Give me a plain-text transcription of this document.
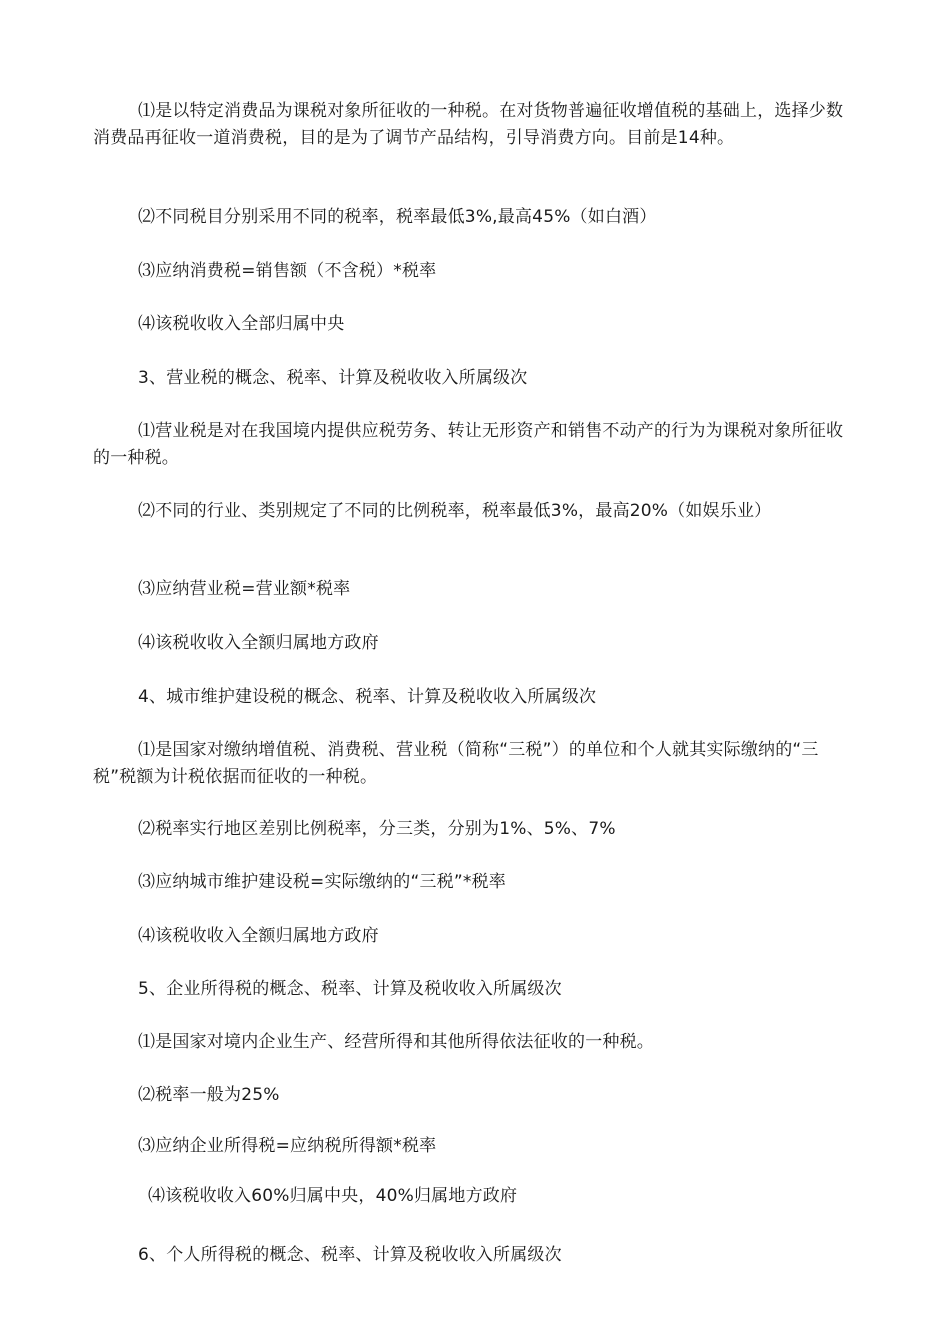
⑴是以特定消费品为课税对象所征收的一种税。在对货物普遍征收增值税的基础上，选择少数消费品再征收一道消费税，目的是为了调节产品结构，引导消费方向。目前是14种。

⑵不同税目分别采用不同的税率，税率最低3%,最高45%（如白酒）

⑶应纳消费税=销售额（不含税）*税率

⑷该税收收入全部归属中央

3、营业税的概念、税率、计算及税收收入所属级次

⑴营业税是对在我国境内提供应税劳务、转让无形资产和销售不动产的行为为课税对象所征收的一种税。

⑵不同的行业、类别规定了不同的比例税率，税率最低3%，最高20%（如娱乐业）

⑶应纳营业税=营业额*税率

⑷该税收收入全额归属地方政府

4、城市维护建设税的概念、税率、计算及税收收入所属级次

⑴是国家对缴纳增值税、消费税、营业税（简称“三税”）的单位和个人就其实际缴纳的“三税”税额为计税依据而征收的一种税。

⑵税率实行地区差别比例税率，分三类，分别为1%、5%、7%

⑶应纳城市维护建设税=实际缴纳的“三税”*税率

⑷该税收收入全额归属地方政府

5、企业所得税的概念、税率、计算及税收收入所属级次

⑴是国家对境内企业生产、经营所得和其他所得依法征收的一种税。

⑵税率一般为25%

⑶应纳企业所得税=应纳税所得额*税率

⑷该税收收入60%归属中央，40%归属地方政府

6、个人所得税的概念、税率、计算及税收收入所属级次
